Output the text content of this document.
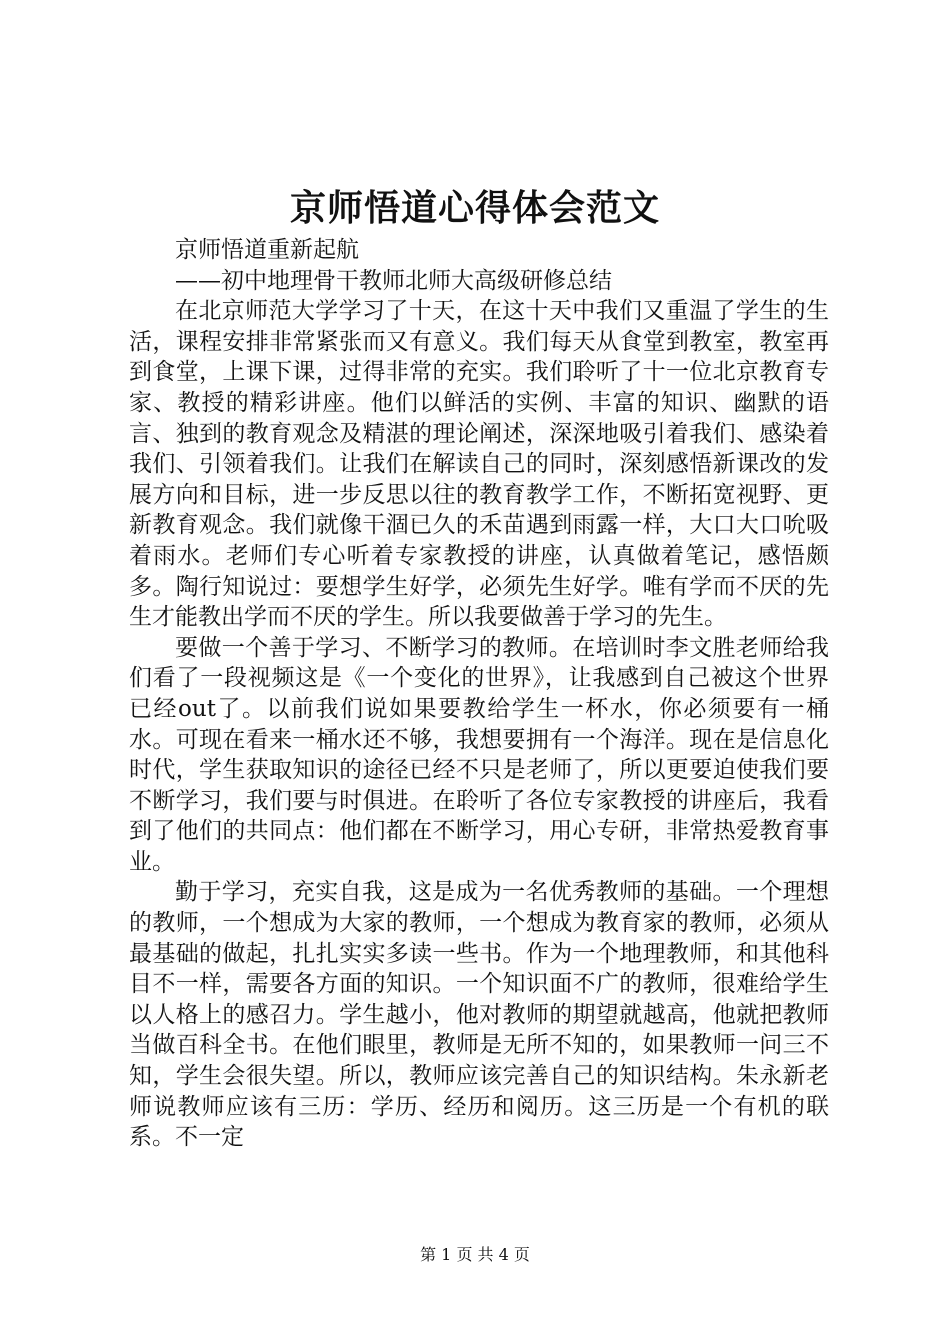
京师悟道心得体会范文
京师悟道重新起航
——初中地理骨干教师北师大高级研修总结

在北京师范大学学习了十天，在这十天中我们又重温了学生的生活，课程安排非常紧张而又有意义。我们每天从食堂到教室，教室再到食堂，上课下课，过得非常的充实。我们聆听了十一位北京教育专家、教授的精彩讲座。他们以鲜活的实例、丰富的知识、幽默的语言、独到的教育观念及精湛的理论阐述，深深地吸引着我们、感染着我们、引领着我们。让我们在解读自己的同时，深刻感悟新课改的发展方向和目标，进一步反思以往的教育教学工作，不断拓宽视野、更新教育观念。我们就像干涸已久的禾苗遇到雨露一样，大口大口吮吸着雨水。老师们专心听着专家教授的讲座，认真做着笔记，感悟颇多。陶行知说过：要想学生好学，必须先生好学。唯有学而不厌的先生才能教出学而不厌的学生。所以我要做善于学习的先生。

要做一个善于学习、不断学习的教师。在培训时李文胜老师给我们看了一段视频这是《一个变化的世界》，让我感到自己被这个世界已经out了。以前我们说如果要教给学生一杯水，你必须要有一桶水。可现在看来一桶水还不够，我想要拥有一个海洋。现在是信息化时代，学生获取知识的途径已经不只是老师了，所以更要迫使我们要不断学习，我们要与时俱进。在聆听了各位专家教授的讲座后，我看到了他们的共同点：他们都在不断学习，用心专研，非常热爱教育事业。

勤于学习，充实自我，这是成为一名优秀教师的基础。一个理想的教师，一个想成为大家的教师，一个想成为教育家的教师，必须从最基础的做起，扎扎实实多读一些书。作为一个地理教师，和其他科目不一样，需要各方面的知识。一个知识面不广的教师，很难给学生以人格上的感召力。学生越小，他对教师的期望就越高，他就把教师当做百科全书。在他们眼里，教师是无所不知的，如果教师一问三不知，学生会很失望。所以，教师应该完善自己的知识结构。朱永新老师说教师应该有三历：学历、经历和阅历。这三历是一个有机的联系。不一定

第 1 页 共 4 页
